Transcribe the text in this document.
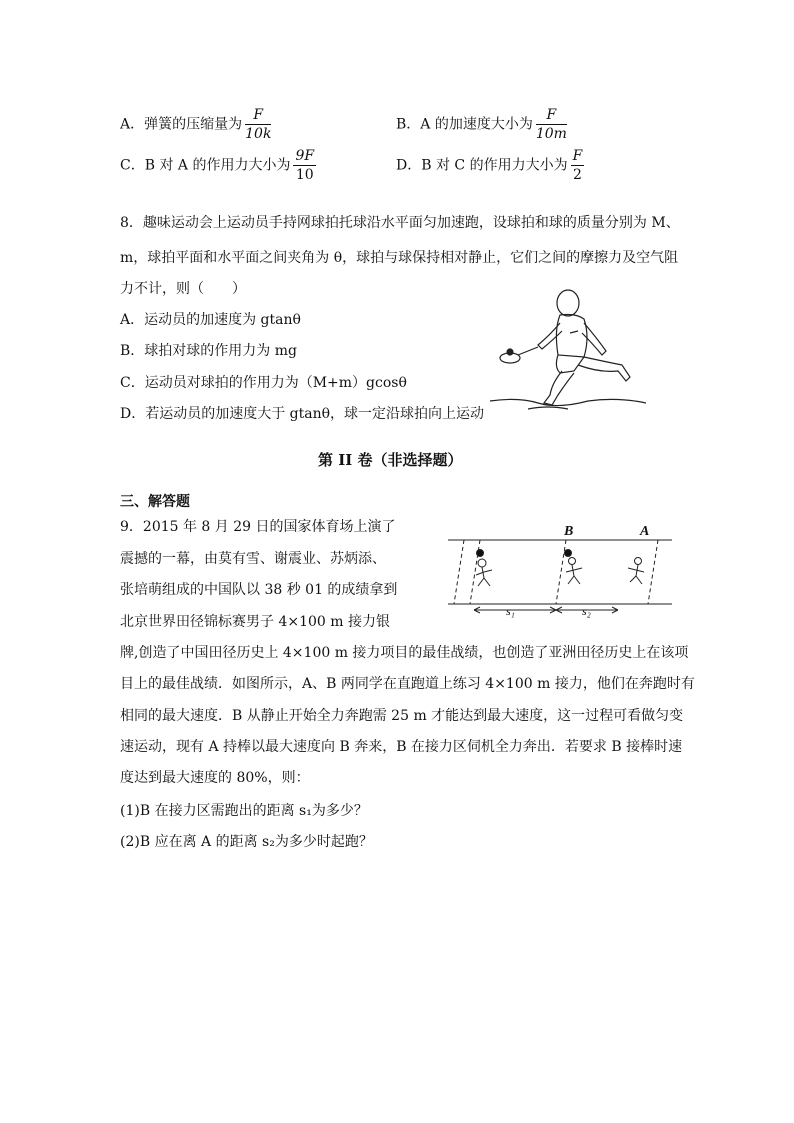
A．弹簧的压缩量为 $\frac{F}{10k}$	B．A 的加速度大小为 $\frac{F}{10m}$
C．B 对 A 的作用力大小为 $\frac{9F}{10}$	D．B 对 C 的作用力大小为 $\frac{F}{2}$
8．趣味运动会上运动员手持网球拍托球沿水平面匀加速跑，设球拍和球的质量分别为 M、
m，球拍平面和水平面之间夹角为 θ，球拍与球保持相对静止，它们之间的摩擦力及空气阻
力不计，则（　　）
A．运动员的加速度为 gtanθ
B．球拍对球的作用力为 mg
C．运动员对球拍的作用力为（M+m）gcosθ
D．若运动员的加速度大于 gtanθ，球一定沿球拍向上运动
第 II 卷（非选择题）
三、解答题
9．2015 年 8 月 29 日的国家体育场上演了
震撼的一幕，由莫有雪、谢震业、苏炳添、
张培萌组成的中国队以 38 秒 01 的成绩拿到
北京世界田径锦标赛男子 4×100 m 接力银
牌,创造了中国田径历史上 4×100 m 接力项目的最佳战绩，也创造了亚洲田径历史上在该项
目上的最佳战绩．如图所示，A、B 两同学在直跑道上练习 4×100 m 接力，他们在奔跑时有
相同的最大速度．B 从静止开始全力奔跑需 25 m 才能达到最大速度，这一过程可看做匀变
速运动，现有 A 持棒以最大速度向 B 奔来，B 在接力区伺机全力奔出．若要求 B 接棒时速
度达到最大速度的 80%，则：
(1)B 在接力区需跑出的距离 s₁为多少？
(2)B 应在离 A 的距离 s₂为多少时起跑？
B	A
s₁	s₂
